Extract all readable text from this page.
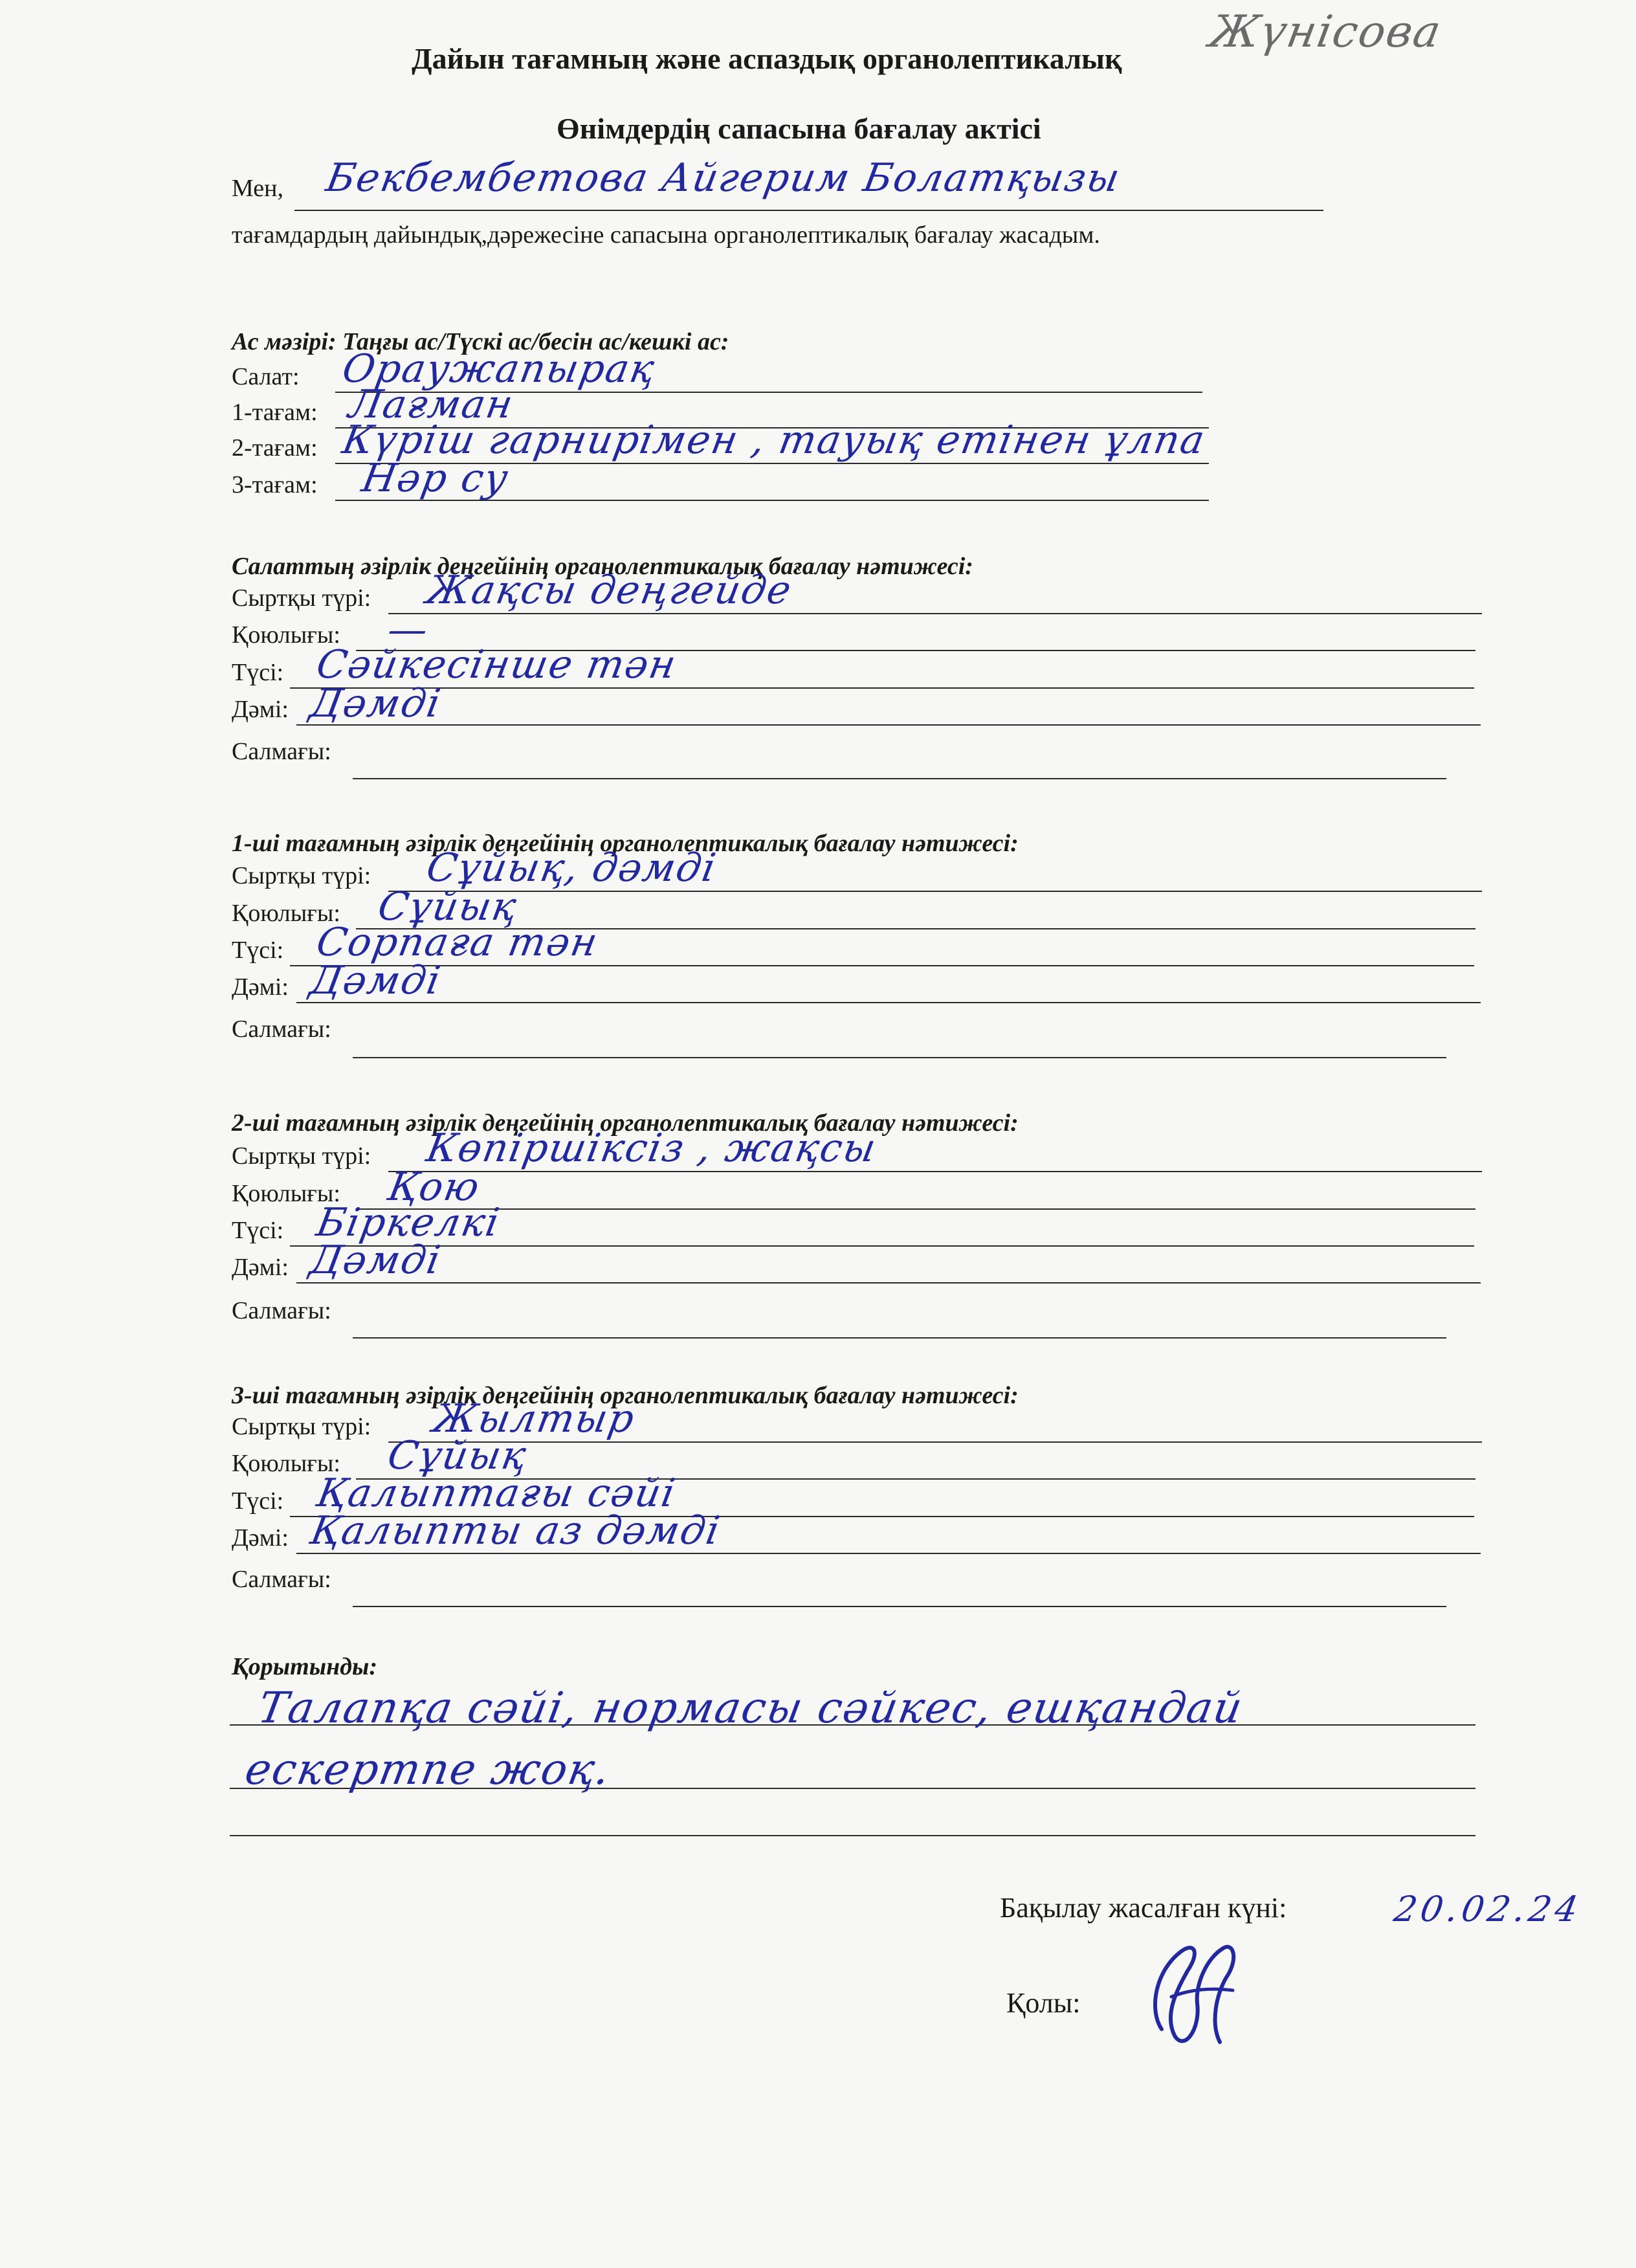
Жүнісова
Дайын тағамның және аспаздық органолептикалық
Өнімдердің сапасына бағалау актісі
Мен, Бекбембетова Айгерим Болатқызы
тағамдардың дайындық,дәрежесіне сапасына органолептикалық бағалау жасадым.
Ас мәзірі: Таңғы ас/Түскі ас/бесін ас/кешкі ас:
Салат: Ораужапырақ
1-тағам: Лағман
2-тағам: Күріш гарнирімен , тауық етінен ұлпа
3-тағам: Нәр су
Салаттың әзірлік деңгейінің органолептикалық бағалау нәтижесі:
Сыртқы түрі: Жақсы деңгейде
Қоюлығы: —
Түсі: Сәйкесінше тән
Дәмі: Дәмді
Салмағы:
1-ші тағамның әзірлік деңгейінің органолептикалық бағалау нәтижесі:
Сыртқы түрі: Сұйық, дәмді
Қоюлығы: Сұйық
Түсі: Сорпаға тән
Дәмі: Дәмді
Салмағы:
2-ші тағамның әзірлік деңгейінің органолептикалық бағалау нәтижесі:
Сыртқы түрі: Көпіршіксіз , жақсы
Қоюлығы: Қою
Түсі: Біркелкі
Дәмі: Дәмді
Салмағы:
3-ші тағамның әзірлік деңгейінің органолептикалық бағалау нәтижесі:
Сыртқы түрі: Жылтыр
Қоюлығы: Сұйық
Түсі: Қалыптағы сәйі
Дәмі: Қалыпты аз дәмді
Салмағы:
Қорытынды:
Талапқа сәйі, нормасы сәйкес, ешқандай
ескертпе жоқ.
Бақылау жасалған күні:	20.02.24
Қолы:
